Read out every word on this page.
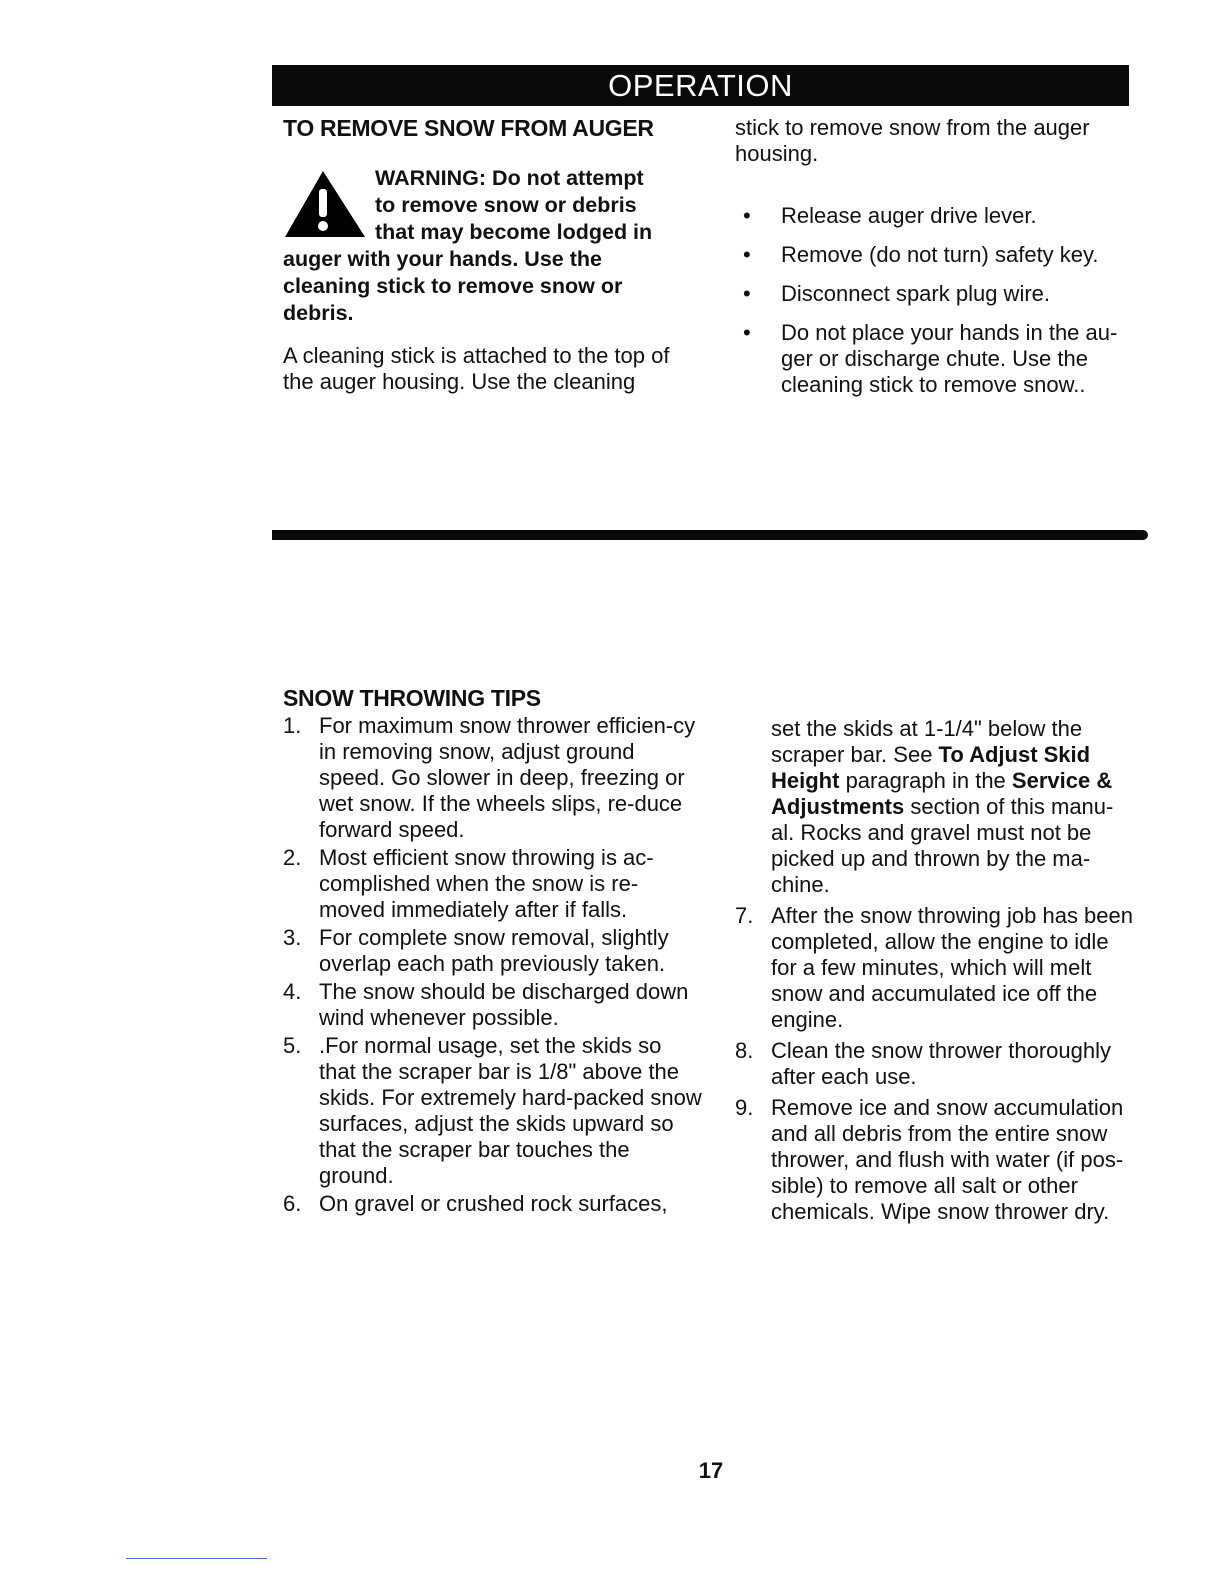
OPERATION
TO REMOVE SNOW FROM AUGER
WARNING: Do not attempt
to remove snow or debris
that may become lodged in
auger with your hands. Use the cleaning stick to remove snow or debris.

A cleaning stick is attached to the top of the auger housing. Use the cleaning

stick to remove snow from the auger housing.

• Release auger drive lever.
• Remove (do not turn) safety key.
• Disconnect spark plug wire.
• Do not place your hands in the au-ger or discharge chute. Use the cleaning stick to remove snow..
SNOW THROWING TIPS
1. For maximum snow thrower efficien-cy in removing snow, adjust ground speed. Go slower in deep, freezing or wet snow. If the wheels slips, re-duce forward speed.
2. Most efficient snow throwing is ac-complished when the snow is re-moved immediately after if falls.
3. For complete snow removal, slightly overlap each path previously taken.
4. The snow should be discharged down wind whenever possible.
5. .For normal usage, set the skids so that the scraper bar is 1/8" above the skids. For extremely hard-packed snow surfaces, adjust the skids upward so that the scraper bar touches the ground.
6. On gravel or crushed rock surfaces,

set the skids at 1-1/4" below the scraper bar. See To Adjust Skid Height paragraph in the Service & Adjustments section of this manu-al. Rocks and gravel must not be picked up and thrown by the ma-chine.

7. After the snow throwing job has been completed, allow the engine to idle for a few minutes, which will melt snow and accumulated ice off the engine.
8. Clean the snow thrower thoroughly after each use.
9. Remove ice and snow accumulation and all debris from the entire snow thrower, and flush with water (if pos-sible) to remove all salt or other chemicals. Wipe snow thrower dry.
17
